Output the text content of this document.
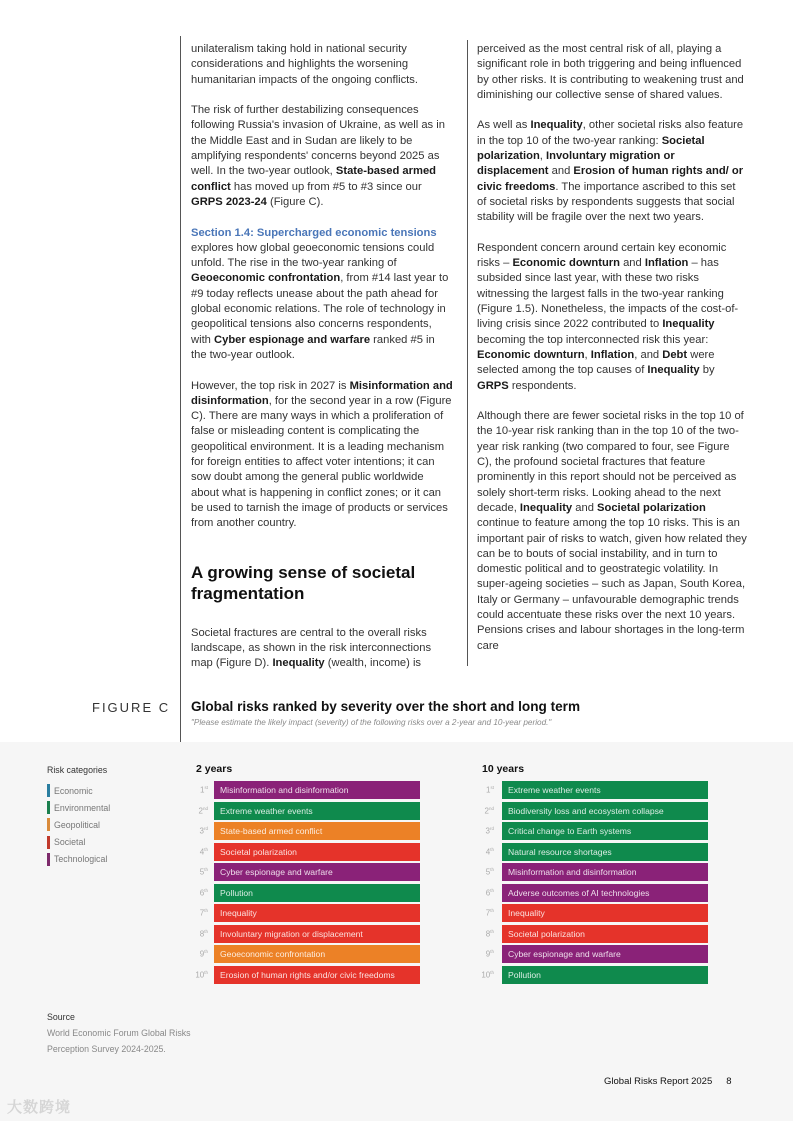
unilateralism taking hold in national security considerations and highlights the worsening humanitarian impacts of the ongoing conflicts.

The risk of further destabilizing consequences following Russia's invasion of Ukraine, as well as in the Middle East and in Sudan are likely to be amplifying respondents' concerns beyond 2025 as well. In the two-year outlook, State-based armed conflict has moved up from #5 to #3 since our GRPS 2023-24 (Figure C).

Section 1.4: Supercharged economic tensions explores how global geoeconomic tensions could unfold. The rise in the two-year ranking of Geoeconomic confrontation, from #14 last year to #9 today reflects unease about the path ahead for global economic relations. The role of technology in geopolitical tensions also concerns respondents, with Cyber espionage and warfare ranked #5 in the two-year outlook.

However, the top risk in 2027 is Misinformation and disinformation, for the second year in a row (Figure C). There are many ways in which a proliferation of false or misleading content is complicating the geopolitical environment. It is a leading mechanism for foreign entities to affect voter intentions; it can sow doubt among the general public worldwide about what is happening in conflict zones; or it can be used to tarnish the image of products or services from another country.

A growing sense of societal fragmentation

Societal fractures are central to the overall risks landscape, as shown in the risk interconnections map (Figure D). Inequality (wealth, income) is

perceived as the most central risk of all, playing a significant role in both triggering and being influenced by other risks. It is contributing to weakening trust and diminishing our collective sense of shared values.

As well as Inequality, other societal risks also feature in the top 10 of the two-year ranking: Societal polarization, Involuntary migration or displacement and Erosion of human rights and/ or civic freedoms. The importance ascribed to this set of societal risks by respondents suggests that social stability will be fragile over the next two years.

Respondent concern around certain key economic risks – Economic downturn and Inflation – has subsided since last year, with these two risks witnessing the largest falls in the two-year ranking (Figure 1.5). Nonetheless, the impacts of the cost-of-living crisis since 2022 contributed to Inequality becoming the top interconnected risk this year: Economic downturn, Inflation, and Debt were selected among the top causes of Inequality by GRPS respondents.

Although there are fewer societal risks in the top 10 of the 10-year risk ranking than in the top 10 of the two-year risk ranking (two compared to four, see Figure C), the profound societal fractures that feature prominently in this report should not be perceived as solely short-term risks. Looking ahead to the next decade, Inequality and Societal polarization continue to feature among the top 10 risks. This is an important pair of risks to watch, given how related they can be to bouts of social instability, and in turn to domestic political and to geostrategic volatility. In super-ageing societies – such as Japan, South Korea, Italy or Germany – unfavourable demographic trends could accentuate these risks over the next 10 years. Pensions crises and labour shortages in the long-term care

FIGURE C Global risks ranked by severity over the short and long term
"Please estimate the likely impact (severity) of the following risks over a 2-year and 10-year period."
Risk categories
Economic
Environmental
Geopolitical
Societal
Technological
2 years
1st	Misinformation and disinformation
2nd	Extreme weather events
3rd	State-based armed conflict
4th	Societal polarization
5th	Cyber espionage and warfare
6th	Pollution
7th	Inequality
8th	Involuntary migration or displacement
9th	Geoeconomic confrontation
10th	Erosion of human rights and/or civic freedoms
10 years
1st	Extreme weather events
2nd	Biodiversity loss and ecosystem collapse
3rd	Critical change to Earth systems
4th	Natural resource shortages
5th	Misinformation and disinformation
6th	Adverse outcomes of AI technologies
7th	Inequality
8th	Societal polarization
9th	Cyber espionage and warfare
10th	Pollution
Source
World Economic Forum Global Risks
Perception Survey 2024-2025.
Global Risks Report 2025 8
大数跨境
